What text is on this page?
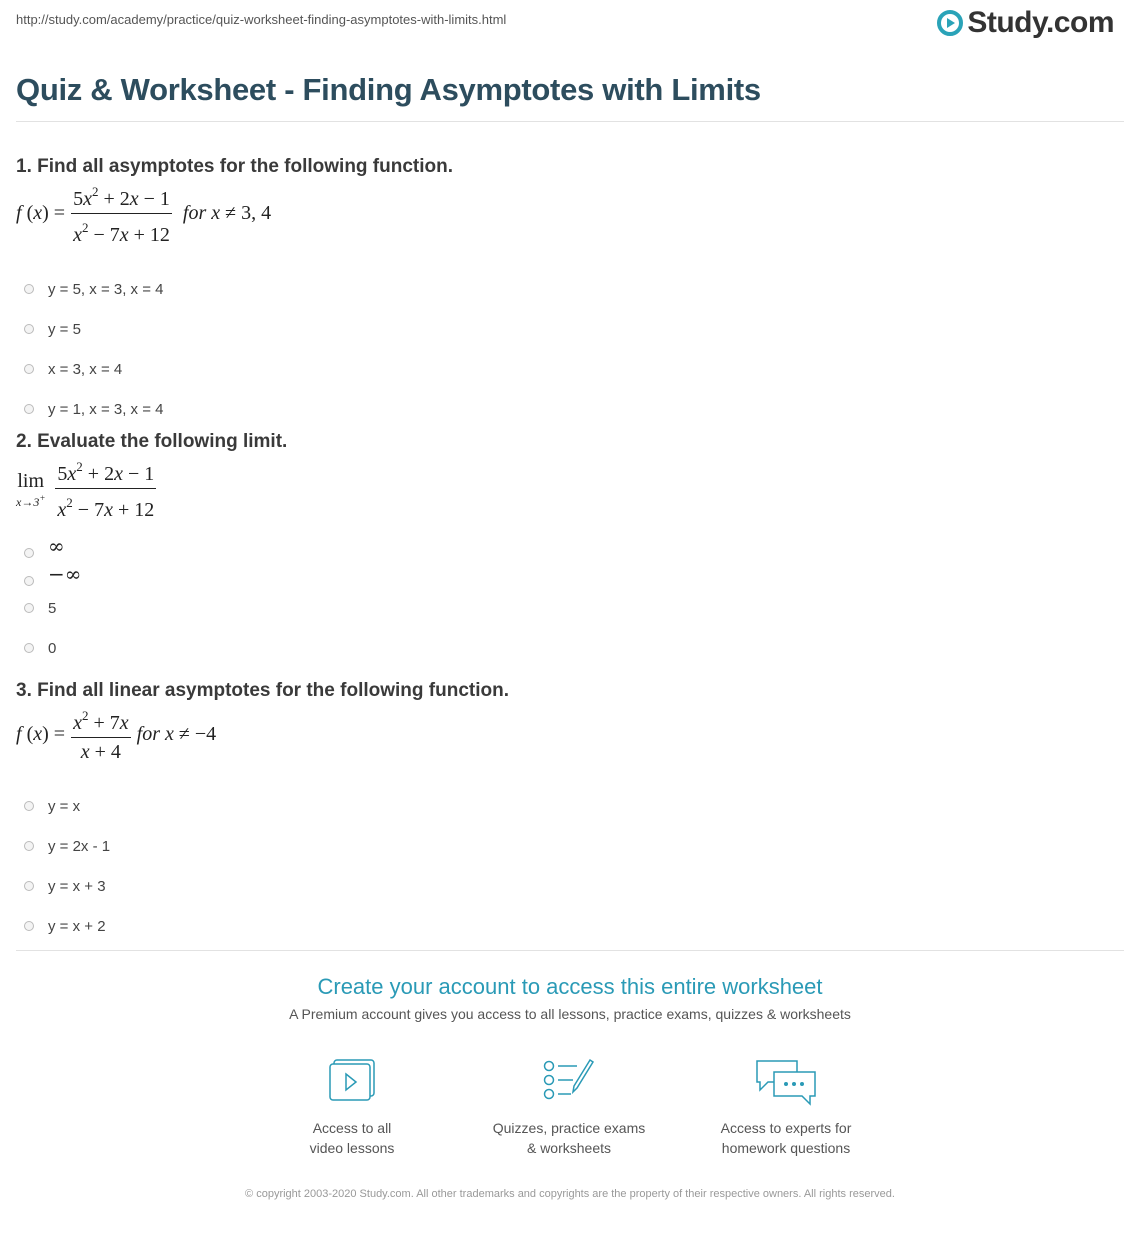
http://study.com/academy/practice/quiz-worksheet-finding-asymptotes-with-limits.html	Study.com
Quiz & Worksheet - Finding Asymptotes with Limits
1. Find all asymptotes for the following function.
f ( x ) = $\frac{5x^2 + 2x - 1}{x^2 - 7x + 12}$ for x ≠ 3, 4
y = 5, x = 3, x = 4
y = 5
x = 3, x = 4
y = 1, x = 3, x = 4
2. Evaluate the following limit.
lim
$x\to 3^+ \frac{5x^2 + 2x - 1}{x^2 - 7x + 12}$
∞
−∞
5
0
3. Find all linear asymptotes for the following function.
f ( x ) = $\frac{x^2 + 7x}{x + 4}$ for x ≠ −4
y = x
y = 2x - 1
y = x + 3
y = x + 2
Create your account to access this entire worksheet
A Premium account gives you access to all lessons, practice exams, quizzes & worksheets
Access to all
video lessons
Quizzes, practice exams
& worksheets
Access to experts for
homework questions
© copyright 2003-2020 Study.com. All other trademarks and copyrights are the property of their respective owners. All rights reserved.
